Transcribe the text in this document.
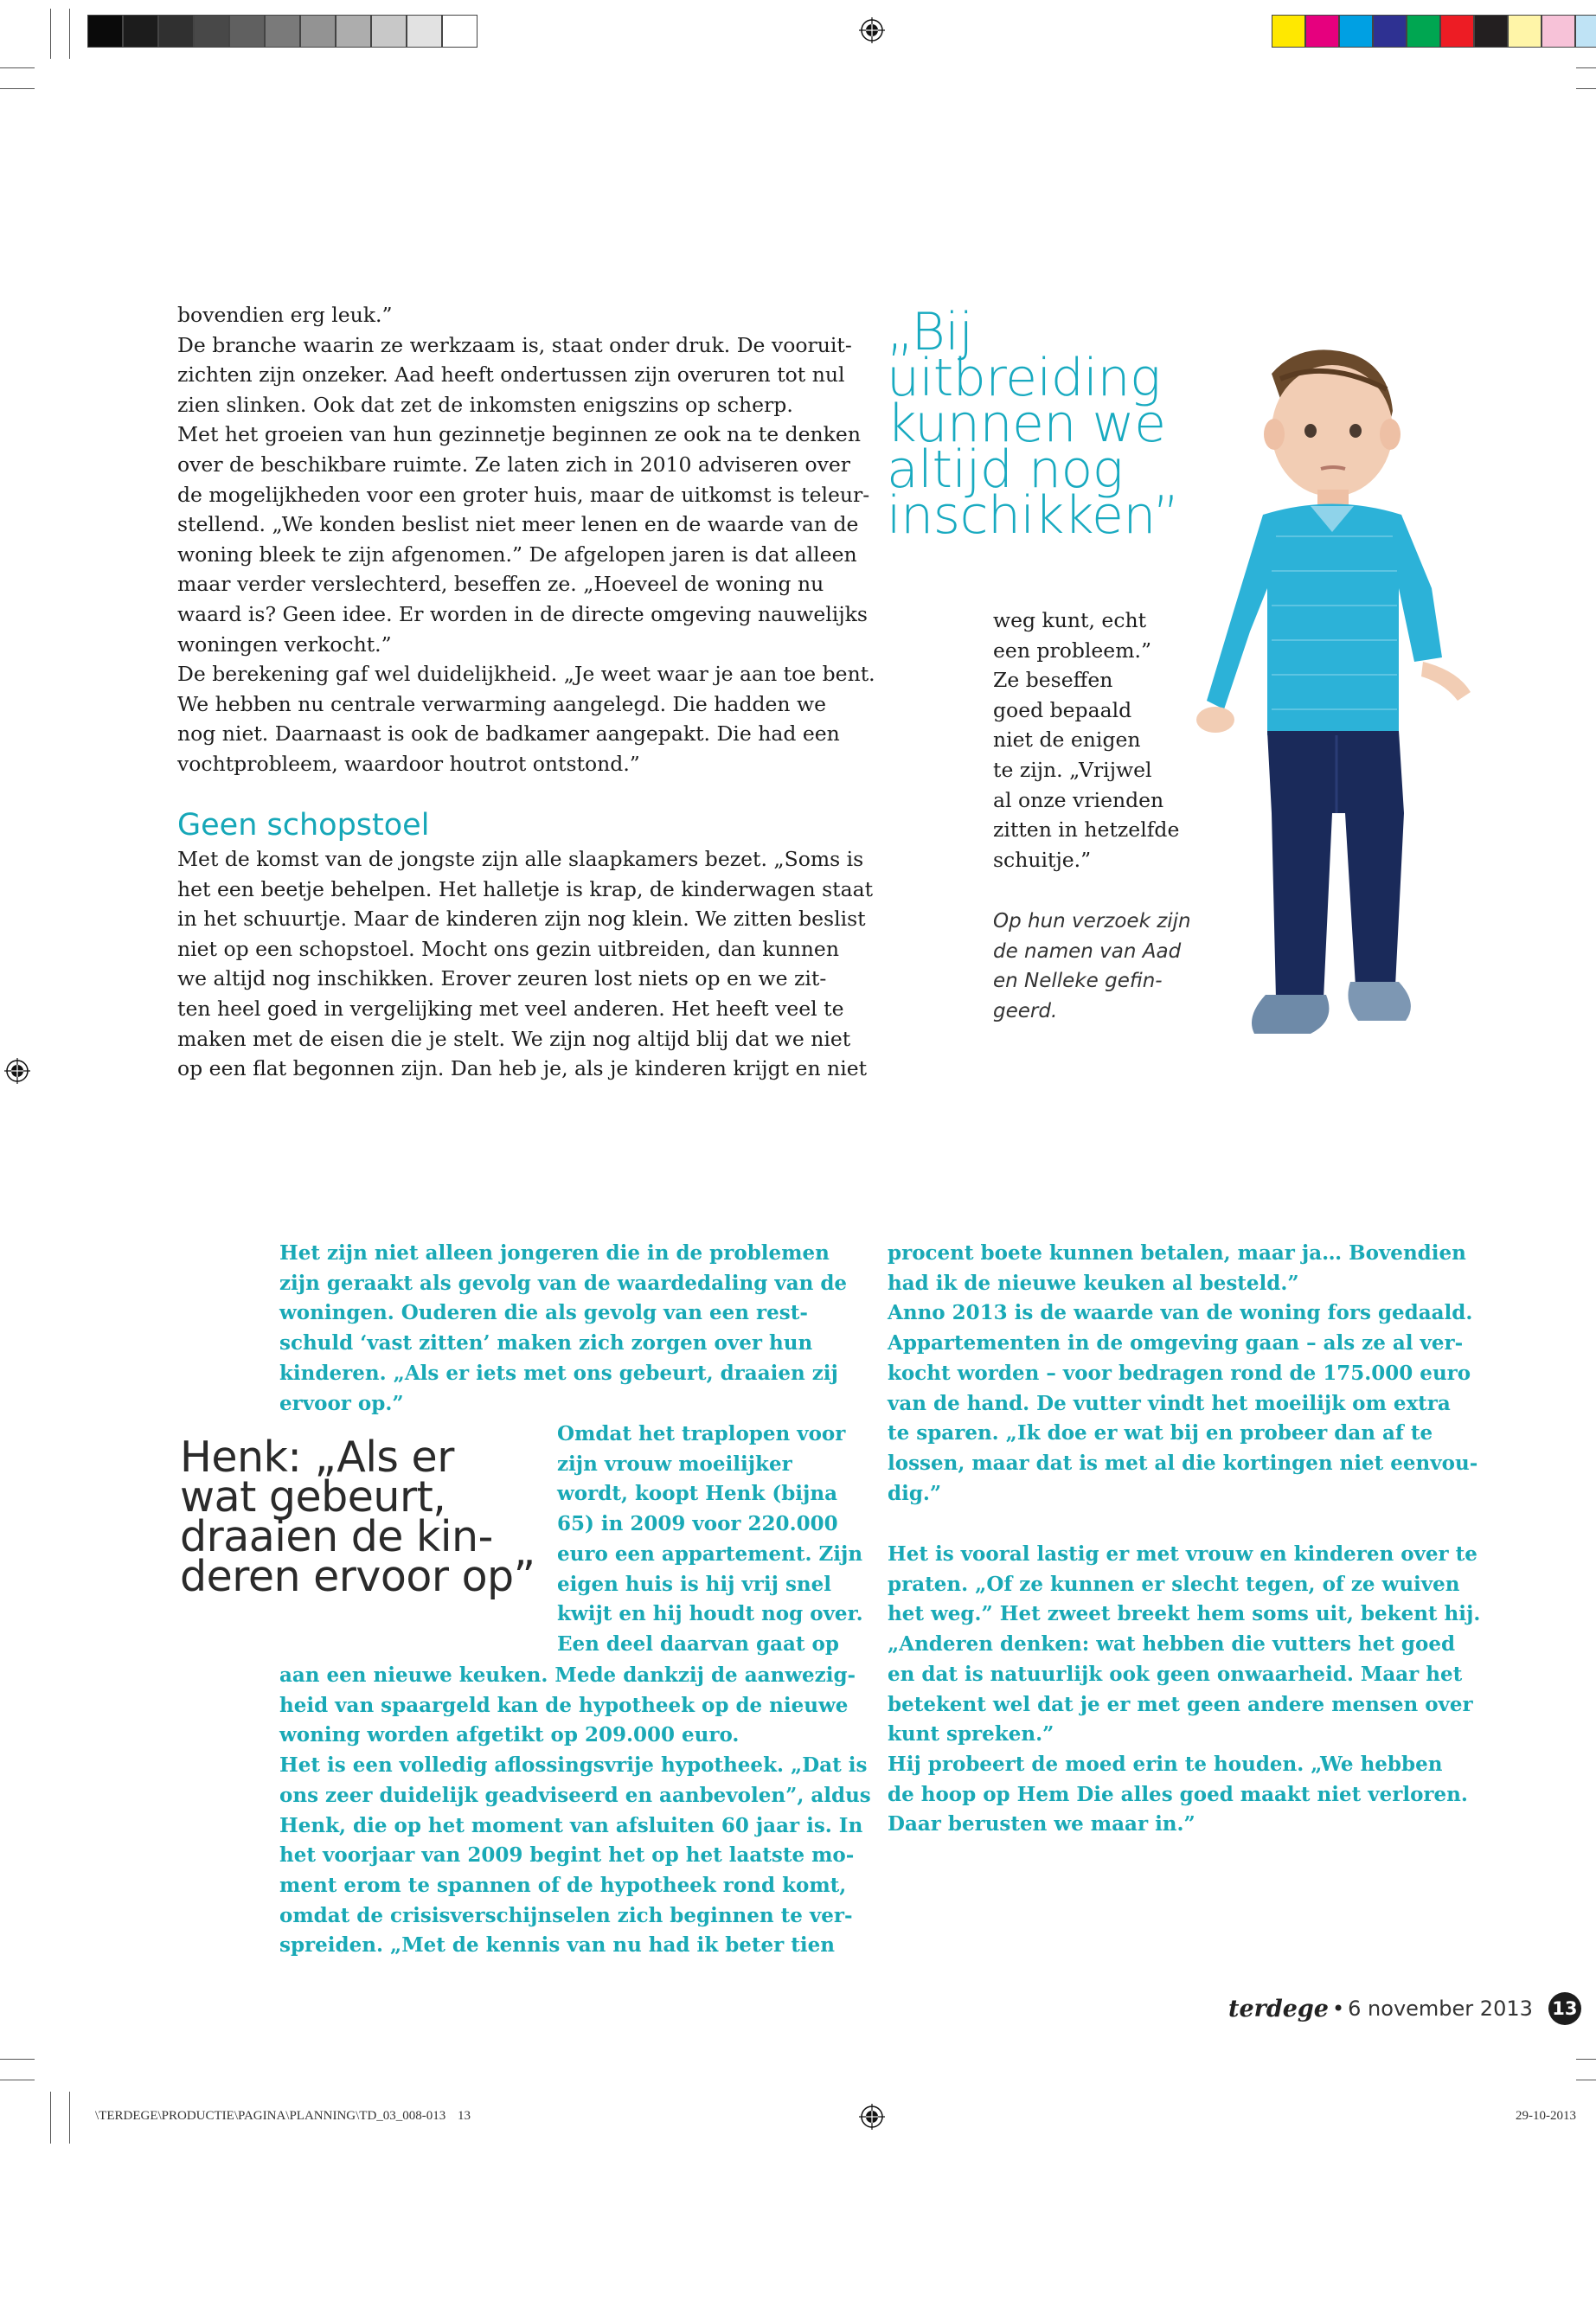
bovendien erg leuk.”
De branche waarin ze werkzaam is, staat onder druk. De vooruit-
zichten zijn onzeker. Aad heeft ondertussen zijn overuren tot nul
zien slinken. Ook dat zet de inkomsten enigszins op scherp.
Met het groeien van hun gezinnetje beginnen ze ook na te denken
over de beschikbare ruimte. Ze laten zich in 2010 adviseren over
de mogelijkheden voor een groter huis, maar de uitkomst is teleur-
stellend. „We konden beslist niet meer lenen en de waarde van de
woning bleek te zijn afgenomen.” De afgelopen jaren is dat alleen
maar verder verslechterd, beseffen ze. „Hoeveel de woning nu
waard is? Geen idee. Er worden in de directe omgeving nauwelijks
woningen verkocht.”
De berekening gaf wel duidelijkheid. „Je weet waar je aan toe bent.
We hebben nu centrale verwarming aangelegd. Die hadden we
nog niet. Daarnaast is ook de badkamer aangepakt. Die had een
vochtprobleem, waardoor houtrot ontstond.”
Geen schopstoel
Met de komst van de jongste zijn alle slaapkamers bezet. „Soms is
het een beetje behelpen. Het halletje is krap, de kinderwagen staat
in het schuurtje. Maar de kinderen zijn nog klein. We zitten beslist
niet op een schopstoel. Mocht ons gezin uitbreiden, dan kunnen
we altijd nog inschikken. Erover zeuren lost niets op en we zit-
ten heel goed in vergelijking met veel anderen. Het heeft veel te
maken met de eisen die je stelt. We zijn nog altijd blij dat we niet
op een flat begonnen zijn. Dan heb je, als je kinderen krijgt en niet
„Bij
uitbreiding
kunnen we
altijd nog
inschikken”
weg kunt, echt
een probleem.”
Ze beseffen
goed bepaald
niet de enigen
te zijn. „Vrijwel
al onze vrienden
zitten in hetzelfde
schuitje.”
Op hun verzoek zijn
de namen van Aad
en Nelleke gefin-
geerd.
Het zijn niet alleen jongeren die in de problemen
zijn geraakt als gevolg van de waardedaling van de
woningen. Ouderen die als gevolg van een rest-
schuld ‘vast zitten’ maken zich zorgen over hun
kinderen. „Als er iets met ons gebeurt, draaien zij
ervoor op.”
Henk: „Als er
wat gebeurt,
draaien de kin-
deren ervoor op”
Omdat het traplopen voor
zijn vrouw moeilijker
wordt, koopt Henk (bijna
65) in 2009 voor 220.000
euro een appartement. Zijn
eigen huis is hij vrij snel
kwijt en hij houdt nog over.
Een deel daarvan gaat op
aan een nieuwe keuken. Mede dankzij de aanwezig-
heid van spaargeld kan de hypotheek op de nieuwe
woning worden afgetikt op 209.000 euro.
Het is een volledig aflossingsvrije hypotheek. „Dat is
ons zeer duidelijk geadviseerd en aanbevolen”, aldus
Henk, die op het moment van afsluiten 60 jaar is. In
het voorjaar van 2009 begint het op het laatste mo-
ment erom te spannen of de hypotheek rond komt,
omdat de crisisverschijnselen zich beginnen te ver-
spreiden. „Met de kennis van nu had ik beter tien
procent boete kunnen betalen, maar ja… Bovendien
had ik de nieuwe keuken al besteld.”
Anno 2013 is de waarde van de woning fors gedaald.
Appartementen in de omgeving gaan – als ze al ver-
kocht worden – voor bedragen rond de 175.000 euro
van de hand. De vutter vindt het moeilijk om extra
te sparen. „Ik doe er wat bij en probeer dan af te
lossen, maar dat is met al die kortingen niet eenvou-
dig.”
Het is vooral lastig er met vrouw en kinderen over te
praten. „Of ze kunnen er slecht tegen, of ze wuiven
het weg.” Het zweet breekt hem soms uit, bekent hij.
„Anderen denken: wat hebben die vutters het goed
en dat is natuurlijk ook geen onwaarheid. Maar het
betekent wel dat je er met geen andere mensen over
kunt spreken.”
Hij probeert de moed erin te houden. „We hebben
de hoop op Hem Die alles goed maakt niet verloren.
Daar berusten we maar in.”
terdege • 6 november 2013 13
\TERDEGE\PRODUCTIE\PAGINA\PLANNING\TD_03_008-013 13	29-10-2013
